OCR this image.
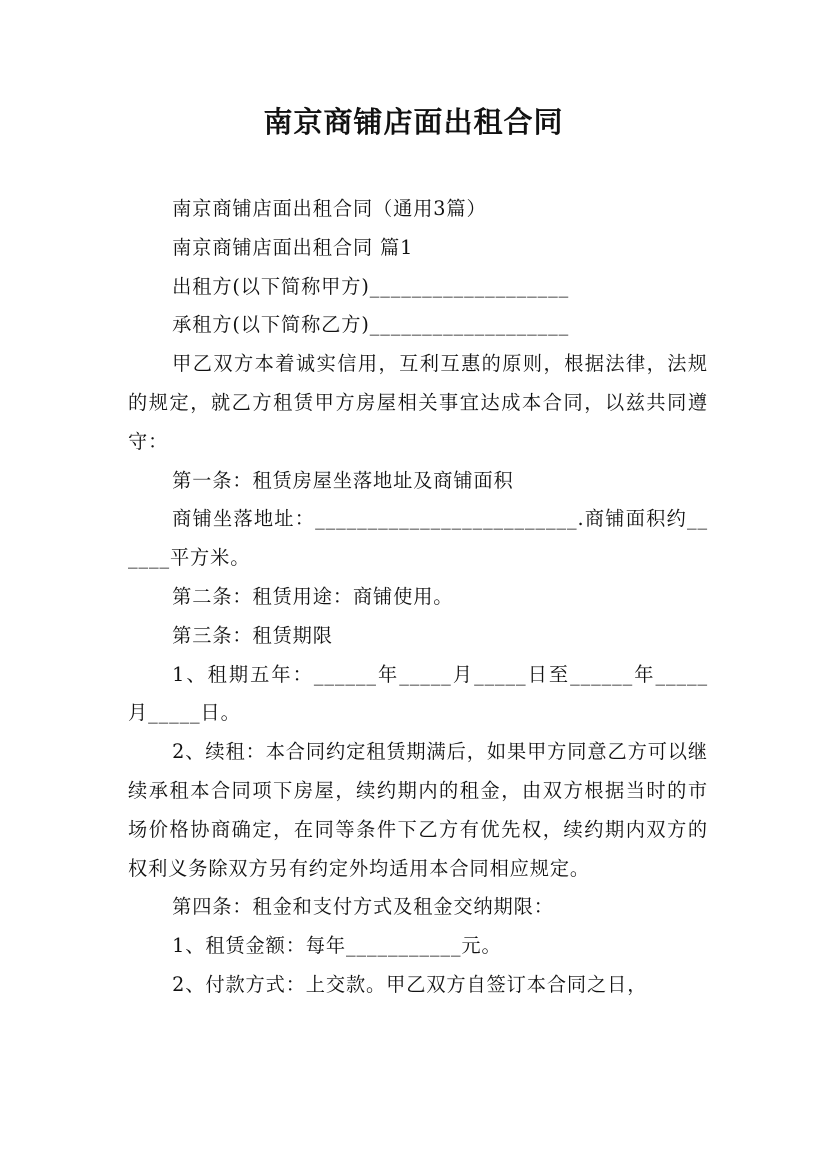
南京商铺店面出租合同

南京商铺店面出租合同（通用3篇）

南京商铺店面出租合同 篇1

出租方(以下简称甲方)___________________

承租方(以下简称乙方)___________________

甲乙双方本着诚实信用，互利互惠的原则，根据法律，法规的规定，就乙方租赁甲方房屋相关事宜达成本合同，以兹共同遵守：

第一条：租赁房屋坐落地址及商铺面积

商铺坐落地址：_________________________.商铺面积约______平方米。

第二条：租赁用途：商铺使用。

第三条：租赁期限

1、租期五年：______年_____月_____日至______年_____月_____日。

2、续租：本合同约定租赁期满后，如果甲方同意乙方可以继续承租本合同项下房屋，续约期内的租金，由双方根据当时的市场价格协商确定，在同等条件下乙方有优先权，续约期内双方的权利义务除双方另有约定外均适用本合同相应规定。

第四条：租金和支付方式及租金交纳期限：

1、租赁金额：每年___________元。

2、付款方式：上交款。甲乙双方自签订本合同之日，
